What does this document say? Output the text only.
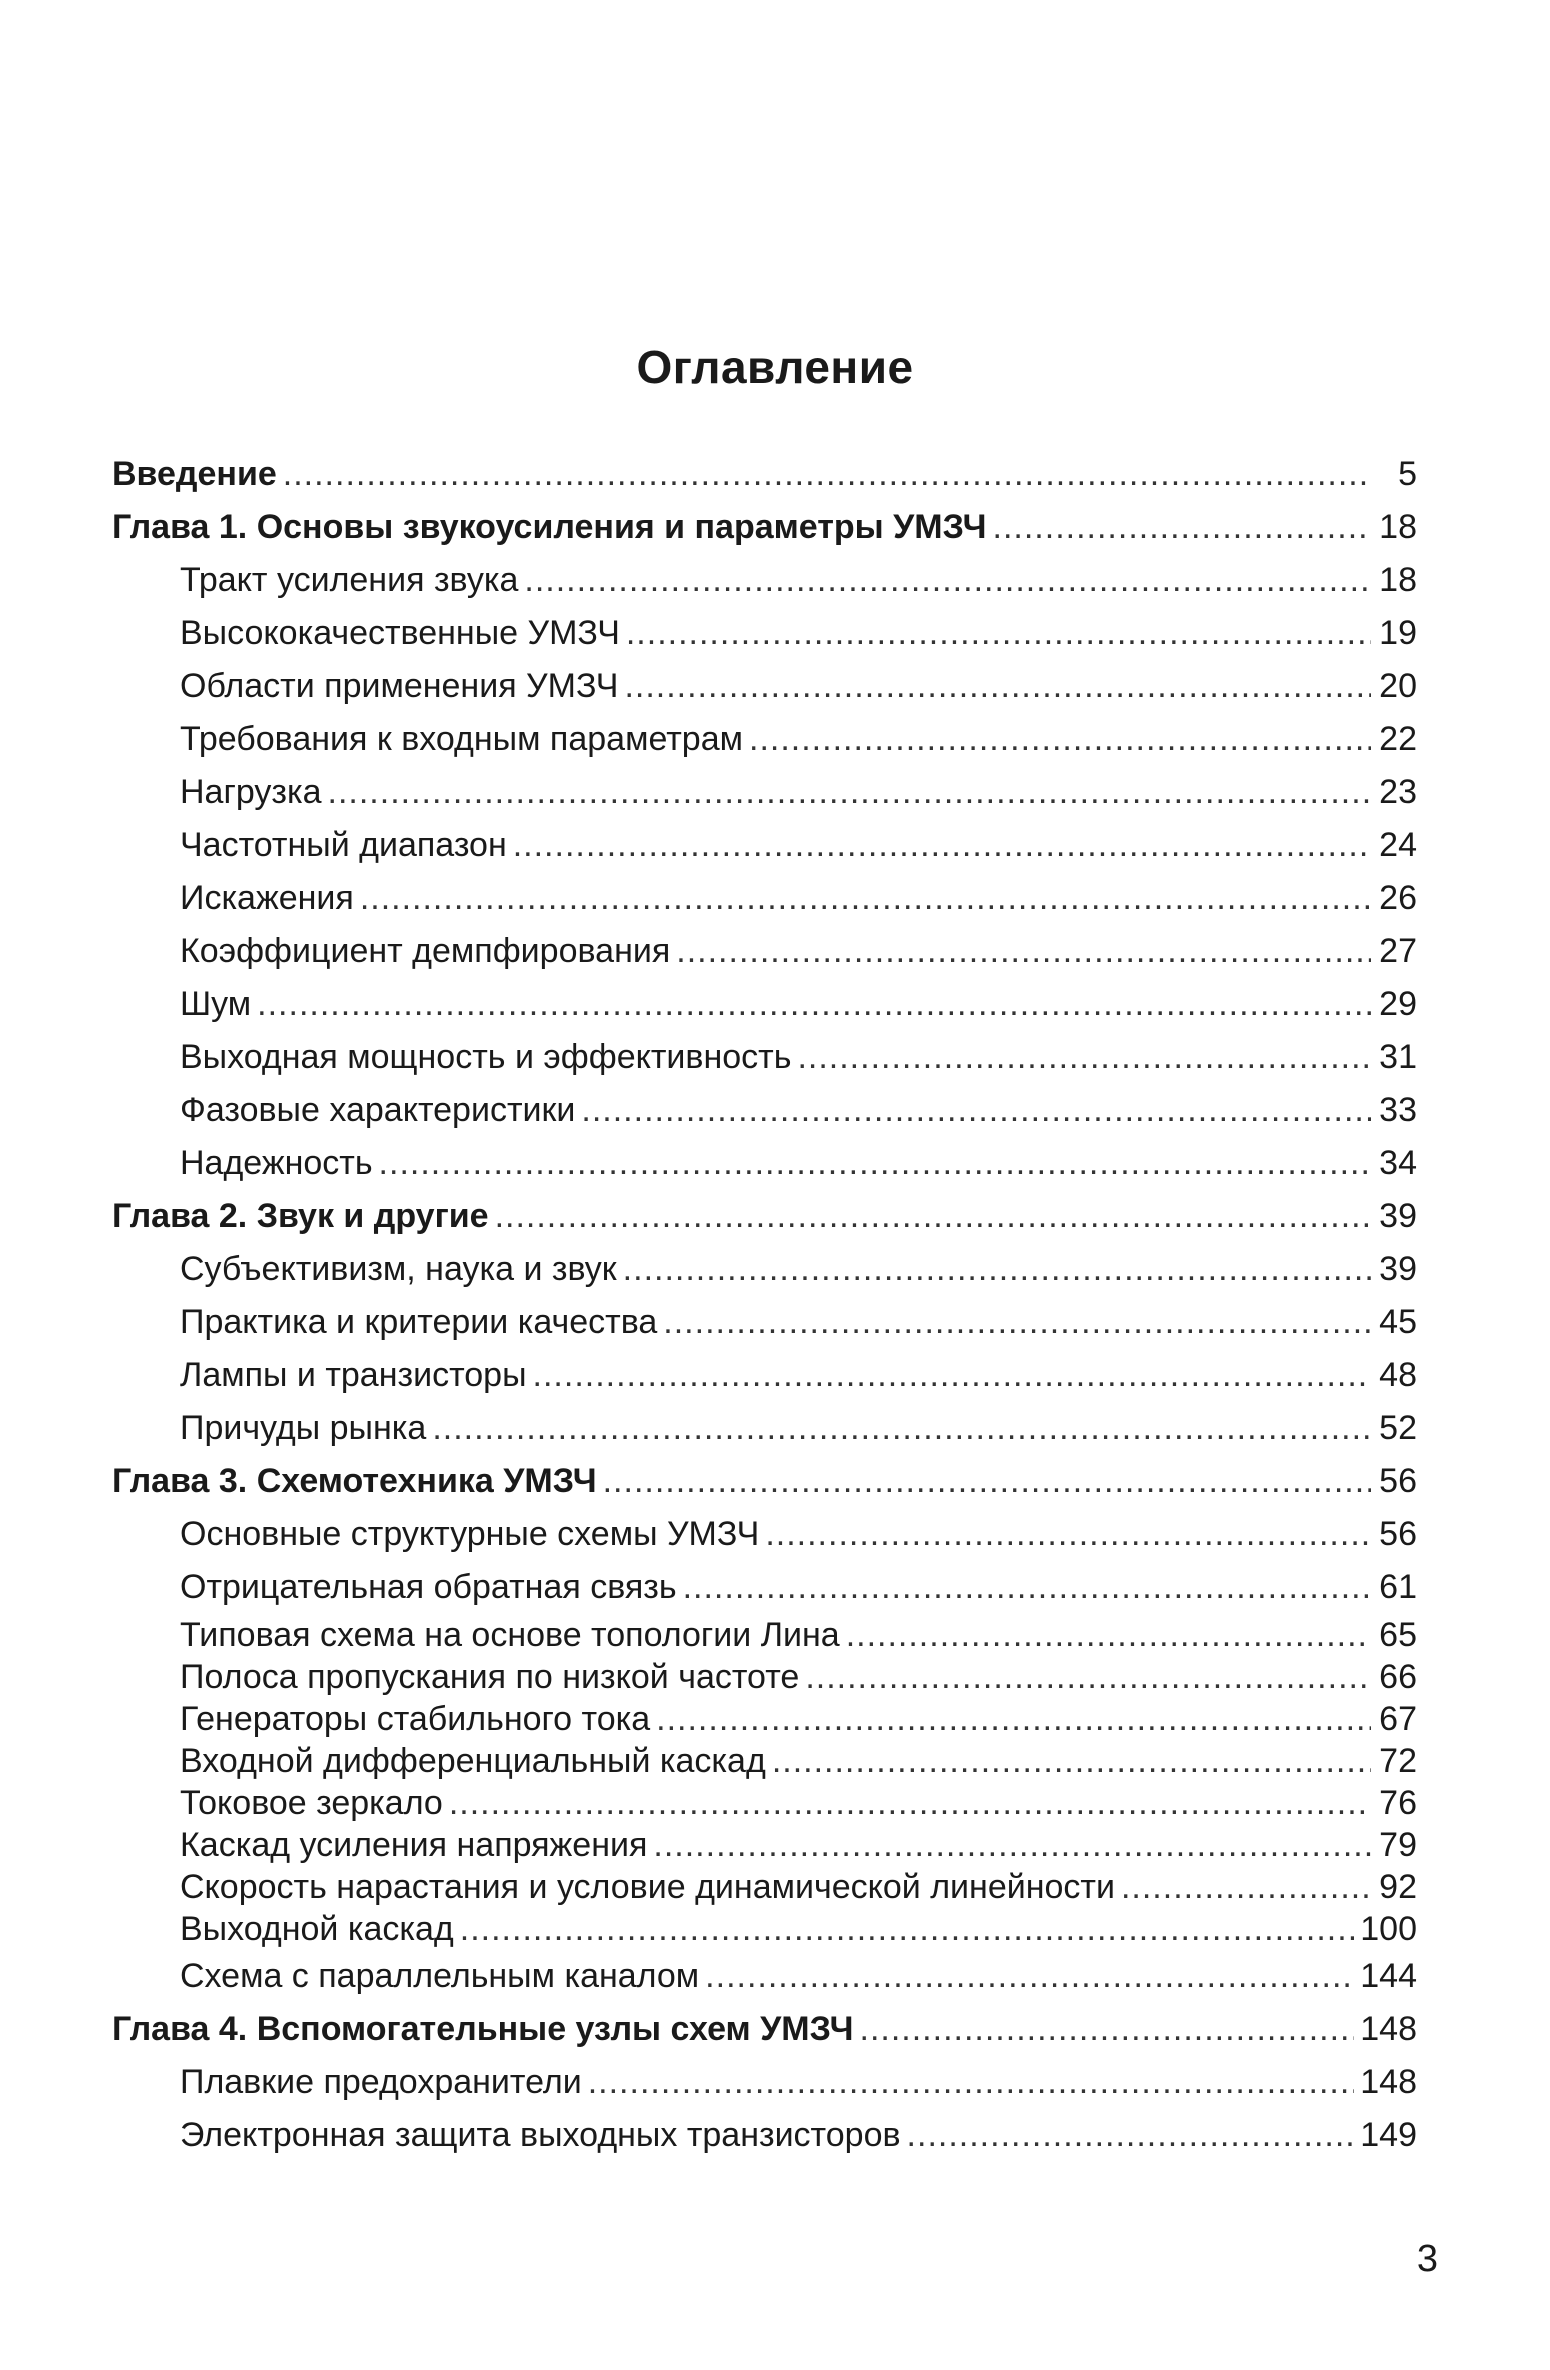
Оглавление
Введение .....	5
Глава 1. Основы звукоусиления и параметры УМЗЧ .....	18
Тракт усиления звука .....	18
Высококачественные УМЗЧ .....	19
Области применения УМЗЧ .....	20
Требования к входным параметрам .....	22
Нагрузка .....	23
Частотный диапазон .....	24
Искажения .....	26
Коэффициент демпфирования .....	27
Шум .....	29
Выходная мощность и эффективность .....	31
Фазовые характеристики .....	33
Надежность .....	34
Глава 2. Звук и другие .....	39
Субъективизм, наука и звук .....	39
Практика и критерии качества .....	45
Лампы и транзисторы .....	48
Причуды рынка .....	52
Глава 3. Схемотехника УМЗЧ .....	56
Основные структурные схемы УМЗЧ .....	56
Отрицательная обратная связь .....	61
Типовая схема на основе топологии Лина .....	65
Полоса пропускания по низкой частоте .....	66
Генераторы стабильного тока .....	67
Входной дифференциальный каскад .....	72
Токовое зеркало .....	76
Каскад усиления напряжения .....	79
Скорость нарастания и условие динамической линейности .....	92
Выходной каскад .....	100
Схема с параллельным каналом .....	144
Глава 4. Вспомогательные узлы схем УМЗЧ .....	148
Плавкие предохранители .....	148
Электронная защита выходных транзисторов .....	149
3
